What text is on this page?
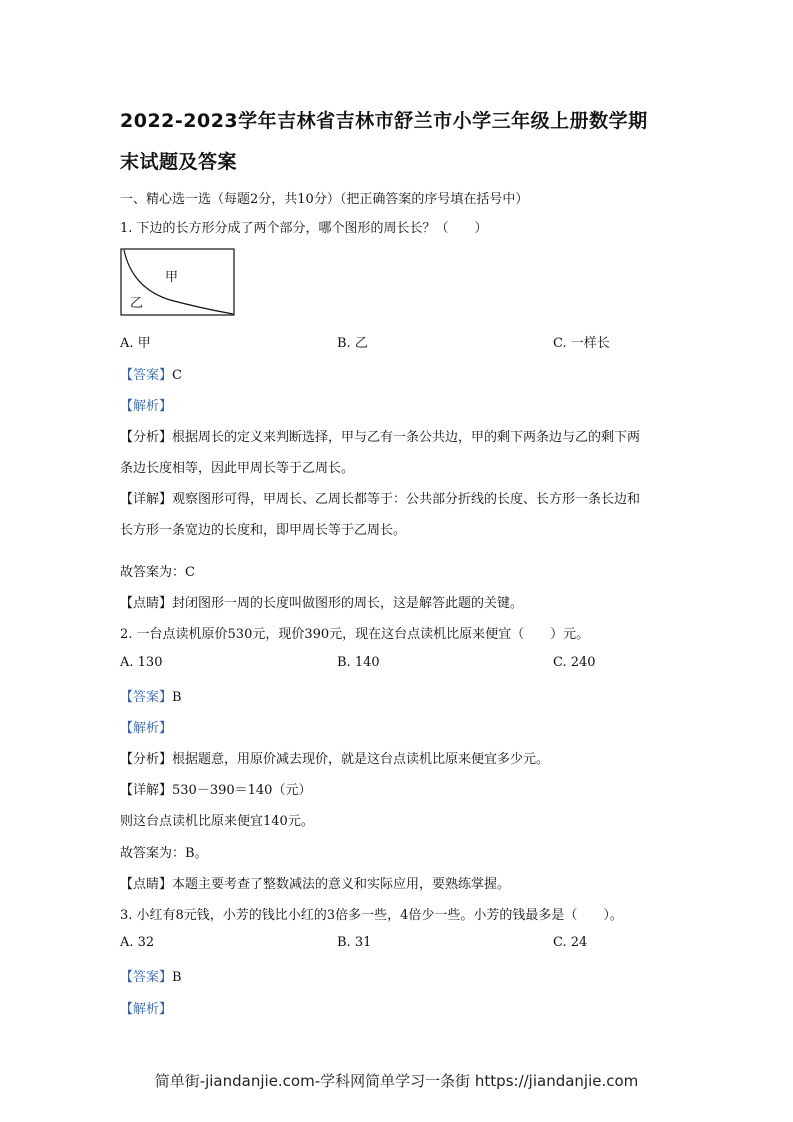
2022-2023学年吉林省吉林市舒兰市小学三年级上册数学期
末试题及答案
一、精心选一选（每题2分，共10分）（把正确答案的序号填在括号中）
1. 下边的长方形分成了两个部分，哪个图形的周长长？（　　）
甲
乙
A. 甲	B. 乙	C. 一样长
【答案】C
【解析】
【分析】根据周长的定义来判断选择，甲与乙有一条公共边，甲的剩下两条边与乙的剩下两
条边长度相等，因此甲周长等于乙周长。
【详解】观察图形可得，甲周长、乙周长都等于：公共部分折线的长度、长方形一条长边和
长方形一条宽边的长度和，即甲周长等于乙周长。
故答案为：C
【点睛】封闭图形一周的长度叫做图形的周长，这是解答此题的关键。
2. 一台点读机原价530元，现价390元，现在这台点读机比原来便宜（　　）元。
A. 130	B. 140	C. 240
【答案】B
【解析】
【分析】根据题意，用原价减去现价，就是这台点读机比原来便宜多少元。
【详解】530－390＝140（元）
则这台点读机比原来便宜140元。
故答案为：B。
【点睛】本题主要考查了整数减法的意义和实际应用，要熟练掌握。
3. 小红有8元钱，小芳的钱比小红的3倍多一些，4倍少一些。小芳的钱最多是（　　）。
A. 32	B. 31	C. 24
【答案】B
【解析】
简单街-jiandanjie.com-学科网简单学习一条街 https://jiandanjie.com
